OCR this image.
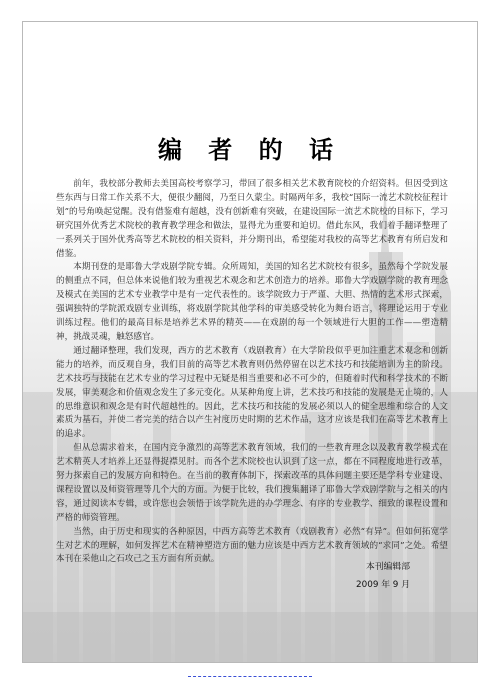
编 者 的 话

前年，我校部分教师去美国高校考察学习，带回了很多相关艺术教育院校的介绍资料。但因受到这些东西与日常工作关系不大，便很少翻阅，乃至日久蒙尘。时隔两年多，我校“国际一流艺术院校征程计划”的号角唤起觉醒。没有借鉴难有超越，没有创新难有突破，在建设国际一流艺术院校的目标下，学习研究国外优秀艺术院校的教育教学理念和做法，显得尤为重要和迫切。借此东风，我们着手翻译整理了一系列关于国外优秀高等艺术院校的相关资料，并分期刊出，希望能对我校的高等艺术教育有所启发和借鉴。

本期刊登的是耶鲁大学戏剧学院专辑。众所周知，美国的知名艺术院校有很多，虽然每个学院发展的侧重点不同，但总体来说他们较为重视艺术观念和艺术创造力的培养。耶鲁大学戏剧学院的教育理念及模式在美国的艺术专业教学中是有一定代表性的。该学院致力于严谨、大胆、热情的艺术形式探索，强调独特的学院派戏剧专业训练，将戏剧学院其他学科的审美感受转化为舞台语言，将理论运用于专业训练过程。他们的最高目标是培养艺术界的精英——在戏剧的每一个领域进行大胆的工作——塑造精神，挑战灵魂，触怒感官。

通过翻译整理，我们发现，西方的艺术教育（戏剧教育）在大学阶段似乎更加注重艺术观念和创新能力的培养，而反观自身，我们目前的高等艺术教育则仍然停留在以艺术技巧和技能培训为主的阶段。艺术技巧与技能在艺术专业的学习过程中无疑是相当重要和必不可少的，但随着时代和科学技术的不断发展，审美观念和价值观念发生了多元变化。从某种角度上讲，艺术技巧和技能的发展是无止境的，人的思维意识和观念是有时代超越性的。因此，艺术技巧和技能的发展必须以人的健全思维和综合的人文素质为基石，并使二者完美的结合以产生衬度历史时期的艺术作品，这才应该是我们在高等艺术教育上的追求。

但从总需求着来，在国内竞争激烈的高等艺术教育领域，我们的一些教育理念以及教育教学模式在艺术精英人才培养上还显得捉襟见肘。而各个艺术院校也认识到了这一点，都在不同程度地进行改革，努力探索自己的发展方向和特色。在当前的教育体制下，探索改革的具体问题主要还是学科专业建设、课程设置以及师资管理等几个大的方面。为便于比较，我们搜集翻译了耶鲁大学戏剧学院与之相关的内容，通过阅读本专辑，或许您也会领悟于该学院先进的办学理念、有序的专业教学、细致的课程设置和严格的师资管理。

当然，由于历史和现实的各种原因，中西方高等艺术教育（戏剧教育）必然“有异”。但如何拓宽学生对艺术的理解，如何发挥艺术在精神塑造方面的魅力应该是中西方艺术教育领域的“求同”之处。希望本刊在采他山之石攻己之玉方面有所贡献。

本刊编辑部
2009 年 9 月
